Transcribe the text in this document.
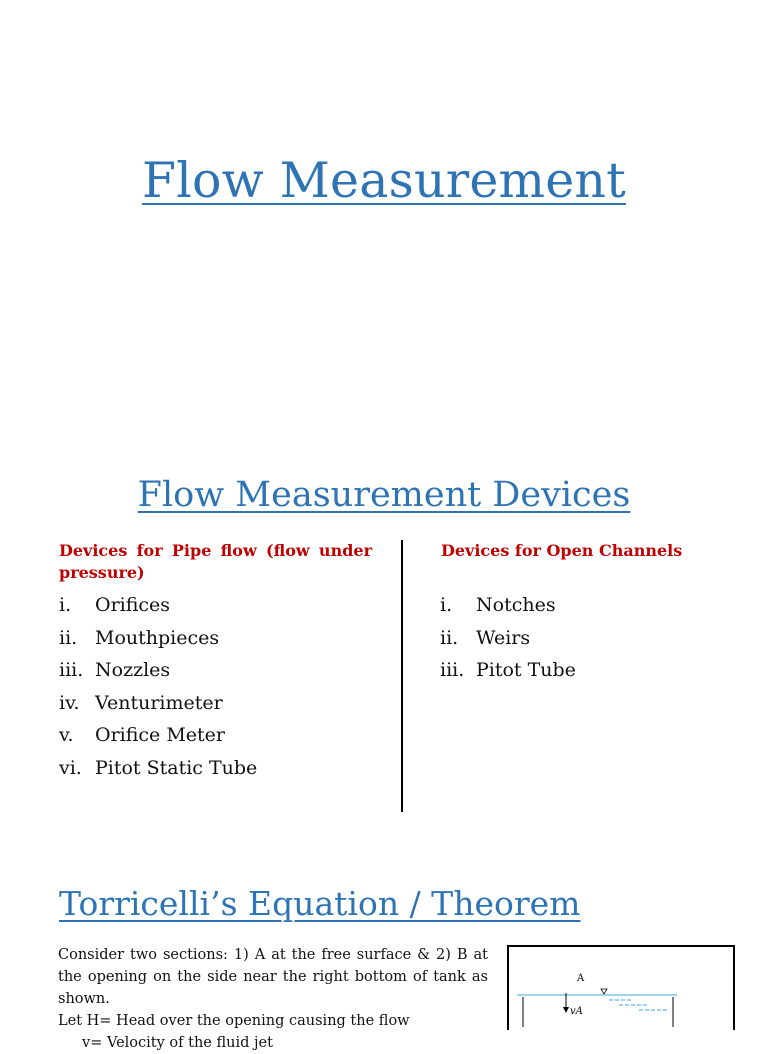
Flow Measurement
Flow Measurement Devices
Devices for Pipe flow (flow under pressure)
Devices for Open Channels
i. Orifices
ii. Mouthpieces
iii. Nozzles
iv. Venturimeter
v. Orifice Meter
vi. Pitot Static Tube
i. Notches
ii. Weirs
iii. Pitot Tube
Torricelli’s Equation / Theorem

Consider two sections: 1) A at the free surface & 2) B at the opening on the side near the right bottom of tank as shown.

Let H= Head over the opening causing the flow

v= Velocity of the fluid jet

A
vA
